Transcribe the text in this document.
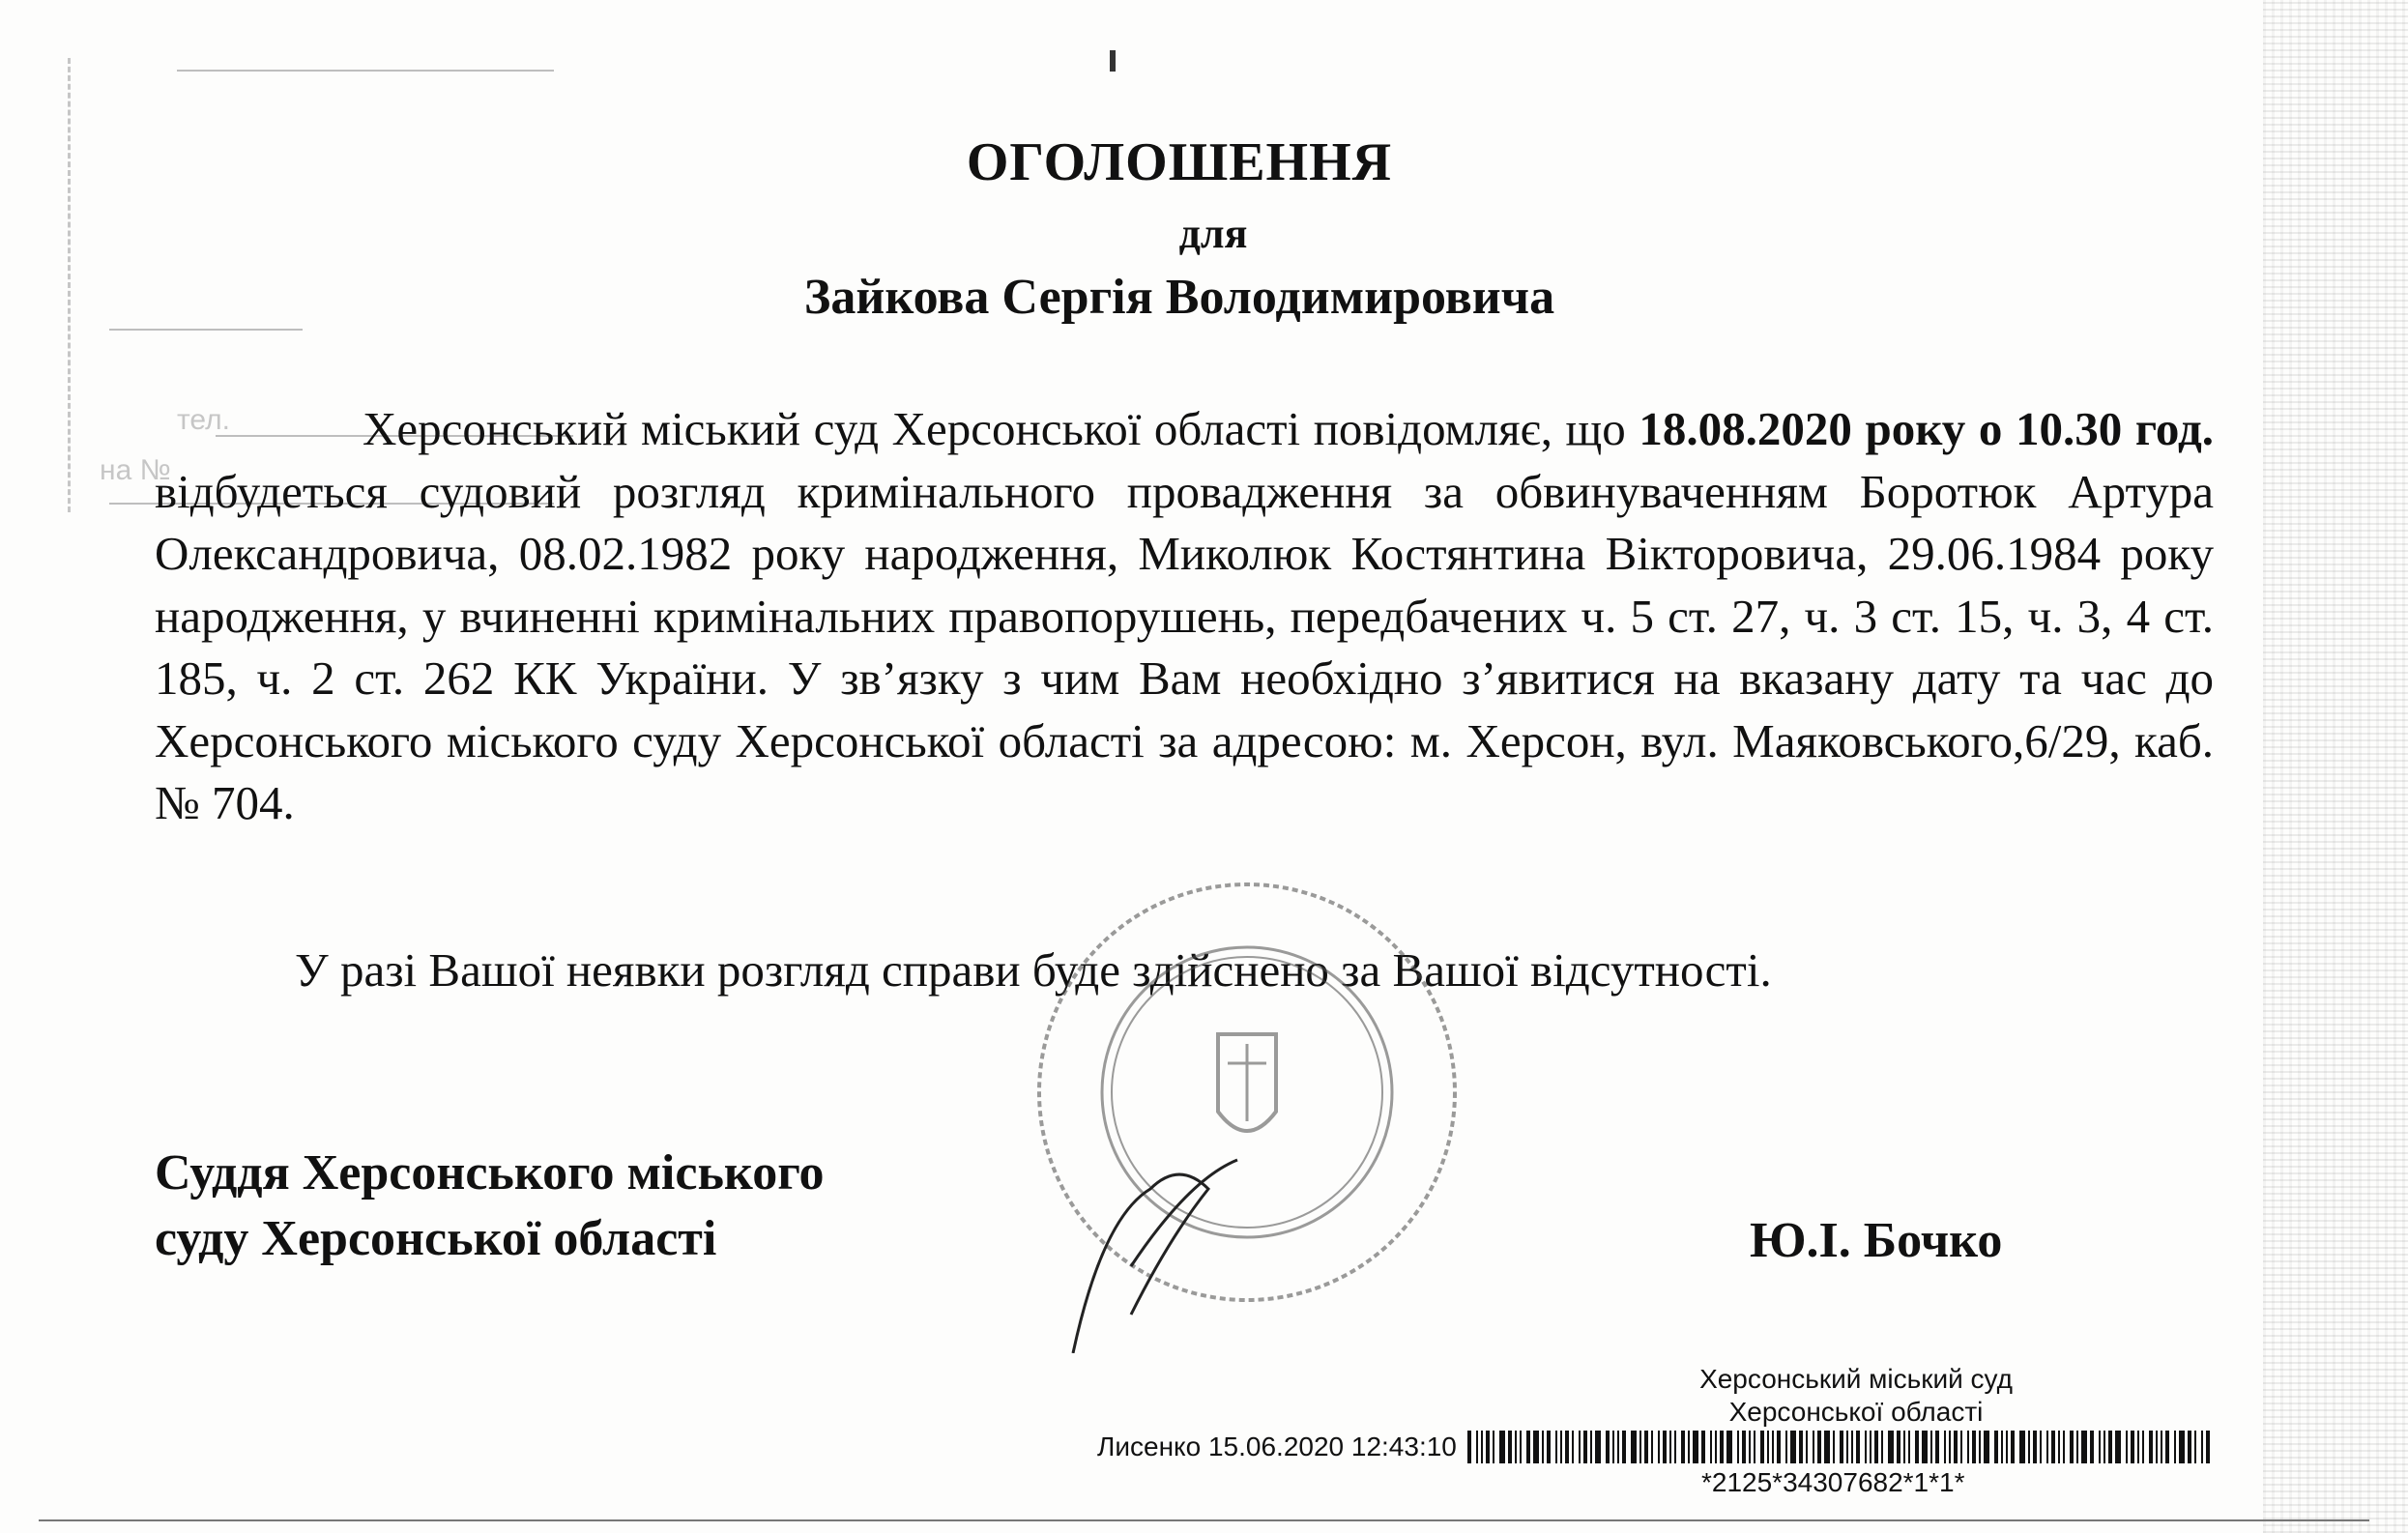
на №
тел.
ОГОЛОШЕННЯ
для
Зайкова Сергія Володимировича
Херсонський міський суд Херсонської області повідомляє, що 18.08.2020 року о 10.30 год. відбудеться судовий розгляд кримінального провадження за обвинуваченням Боротюк Артура Олександровича, 08.02.1982 року народження, Миколюк Костянтина Вікторовича, 29.06.1984 року народження, у вчиненні кримінальних правопорушень, передбачених ч. 5 ст. 27, ч. 3 ст. 15, ч. 3, 4 ст. 185, ч. 2 ст. 262 КК України. У зв’язку з чим Вам необхідно з’явитися на вказану дату та час до Херсонського міського суду Херсонської області за адресою: м. Херсон, вул. Маяковського,6/29, каб. № 704.
У разі Вашої неявки розгляд справи буде здійснено за Вашої відсутності.
Суддя Херсонського міського
суду Херсонської області	Ю.І. Бочко
Херсонський міський суд
Херсонської області
Лисенко 15.06.2020 12:43:10
*2125*34307682*1*1*
